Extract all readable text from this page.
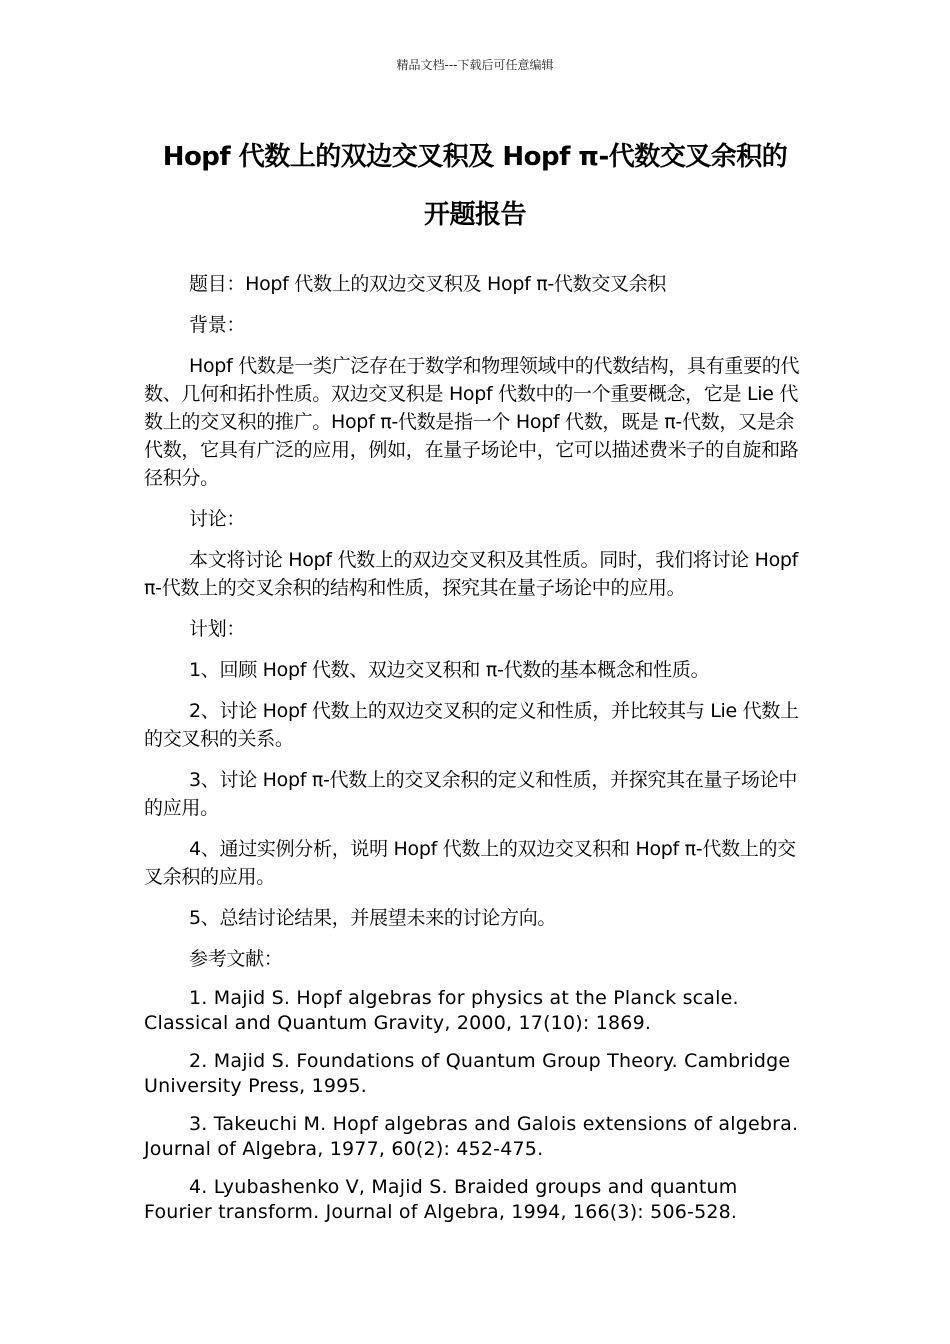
精品文档---下载后可任意编辑
Hopf 代数上的双边交叉积及 Hopf π-代数交叉余积的
开题报告

题目：Hopf 代数上的双边交叉积及 Hopf π-代数交叉余积

背景：

Hopf 代数是一类广泛存在于数学和物理领域中的代数结构，具有重要的代数、几何和拓扑性质。双边交叉积是 Hopf 代数中的一个重要概念，它是 Lie 代数上的交叉积的推广。Hopf π-代数是指一个 Hopf 代数，既是 π-代数，又是余代数，它具有广泛的应用，例如，在量子场论中，它可以描述费米子的自旋和路径积分。

讨论：

本文将讨论 Hopf 代数上的双边交叉积及其性质。同时，我们将讨论 Hopf π-代数上的交叉余积的结构和性质，探究其在量子场论中的应用。

计划：

1、回顾 Hopf 代数、双边交叉积和 π-代数的基本概念和性质。

2、讨论 Hopf 代数上的双边交叉积的定义和性质，并比较其与 Lie 代数上的交叉积的关系。

3、讨论 Hopf π-代数上的交叉余积的定义和性质，并探究其在量子场论中的应用。

4、通过实例分析，说明 Hopf 代数上的双边交叉积和 Hopf π-代数上的交叉余积的应用。

5、总结讨论结果，并展望未来的讨论方向。

参考文献：

1. Majid S. Hopf algebras for physics at the Planck scale. Classical and Quantum Gravity, 2000, 17(10): 1869.

2. Majid S. Foundations of Quantum Group Theory. Cambridge University Press, 1995.

3. Takeuchi M. Hopf algebras and Galois extensions of algebra. Journal of Algebra, 1977, 60(2): 452-475.

4. Lyubashenko V, Majid S. Braided groups and quantum Fourier transform. Journal of Algebra, 1994, 166(3): 506-528.
